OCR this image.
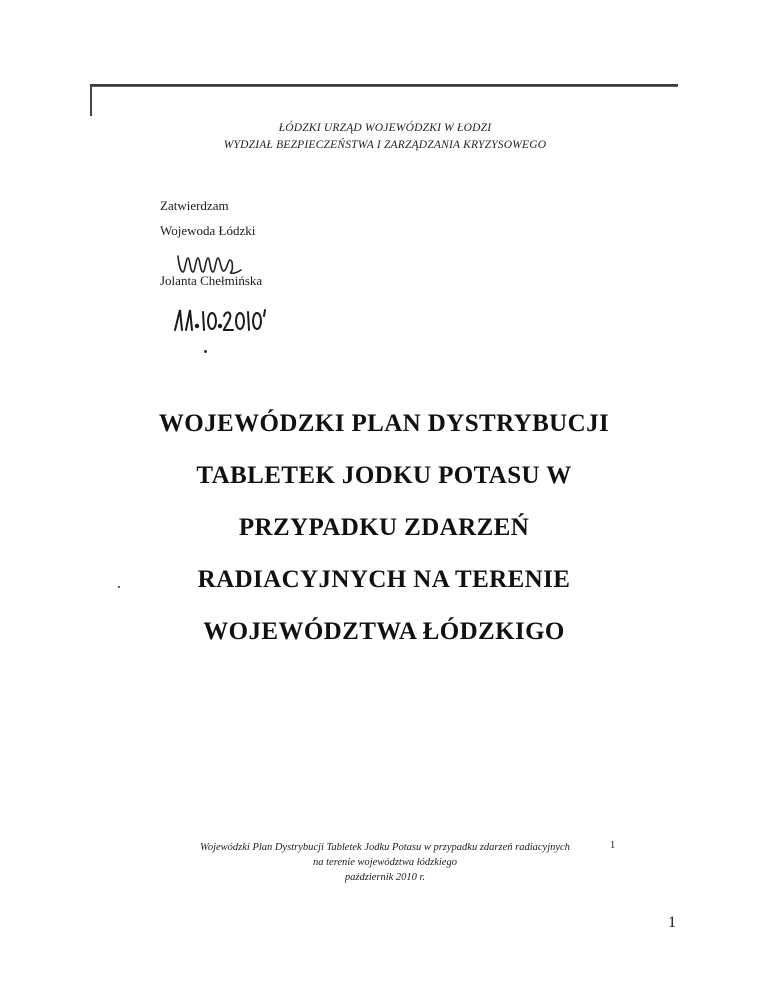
ŁÓDZKI URZĄD WOJEWÓDZKI W ŁODZI
WYDZIAŁ BEZPIECZEŃSTWA I ZARZĄDZANIA KRYZYSOWEGO
Zatwierdzam
Wojewoda Łódzki
Jolanta Chełmińska
WOJEWÓDZKI PLAN DYSTRYBUCJI
TABLETEK JODKU POTASU W
PRZYPADKU ZDARZEŃ
RADIACYJNYCH NA TERENIE
WOJEWÓDZTWA ŁÓDZKIGO
Wojewódzki Plan Dystrybucji Tabletek Jodku Potasu w przypadku zdarzeń radiacyjnych
na terenie województwa łódzkiego
październik 2010 r.
1
1
